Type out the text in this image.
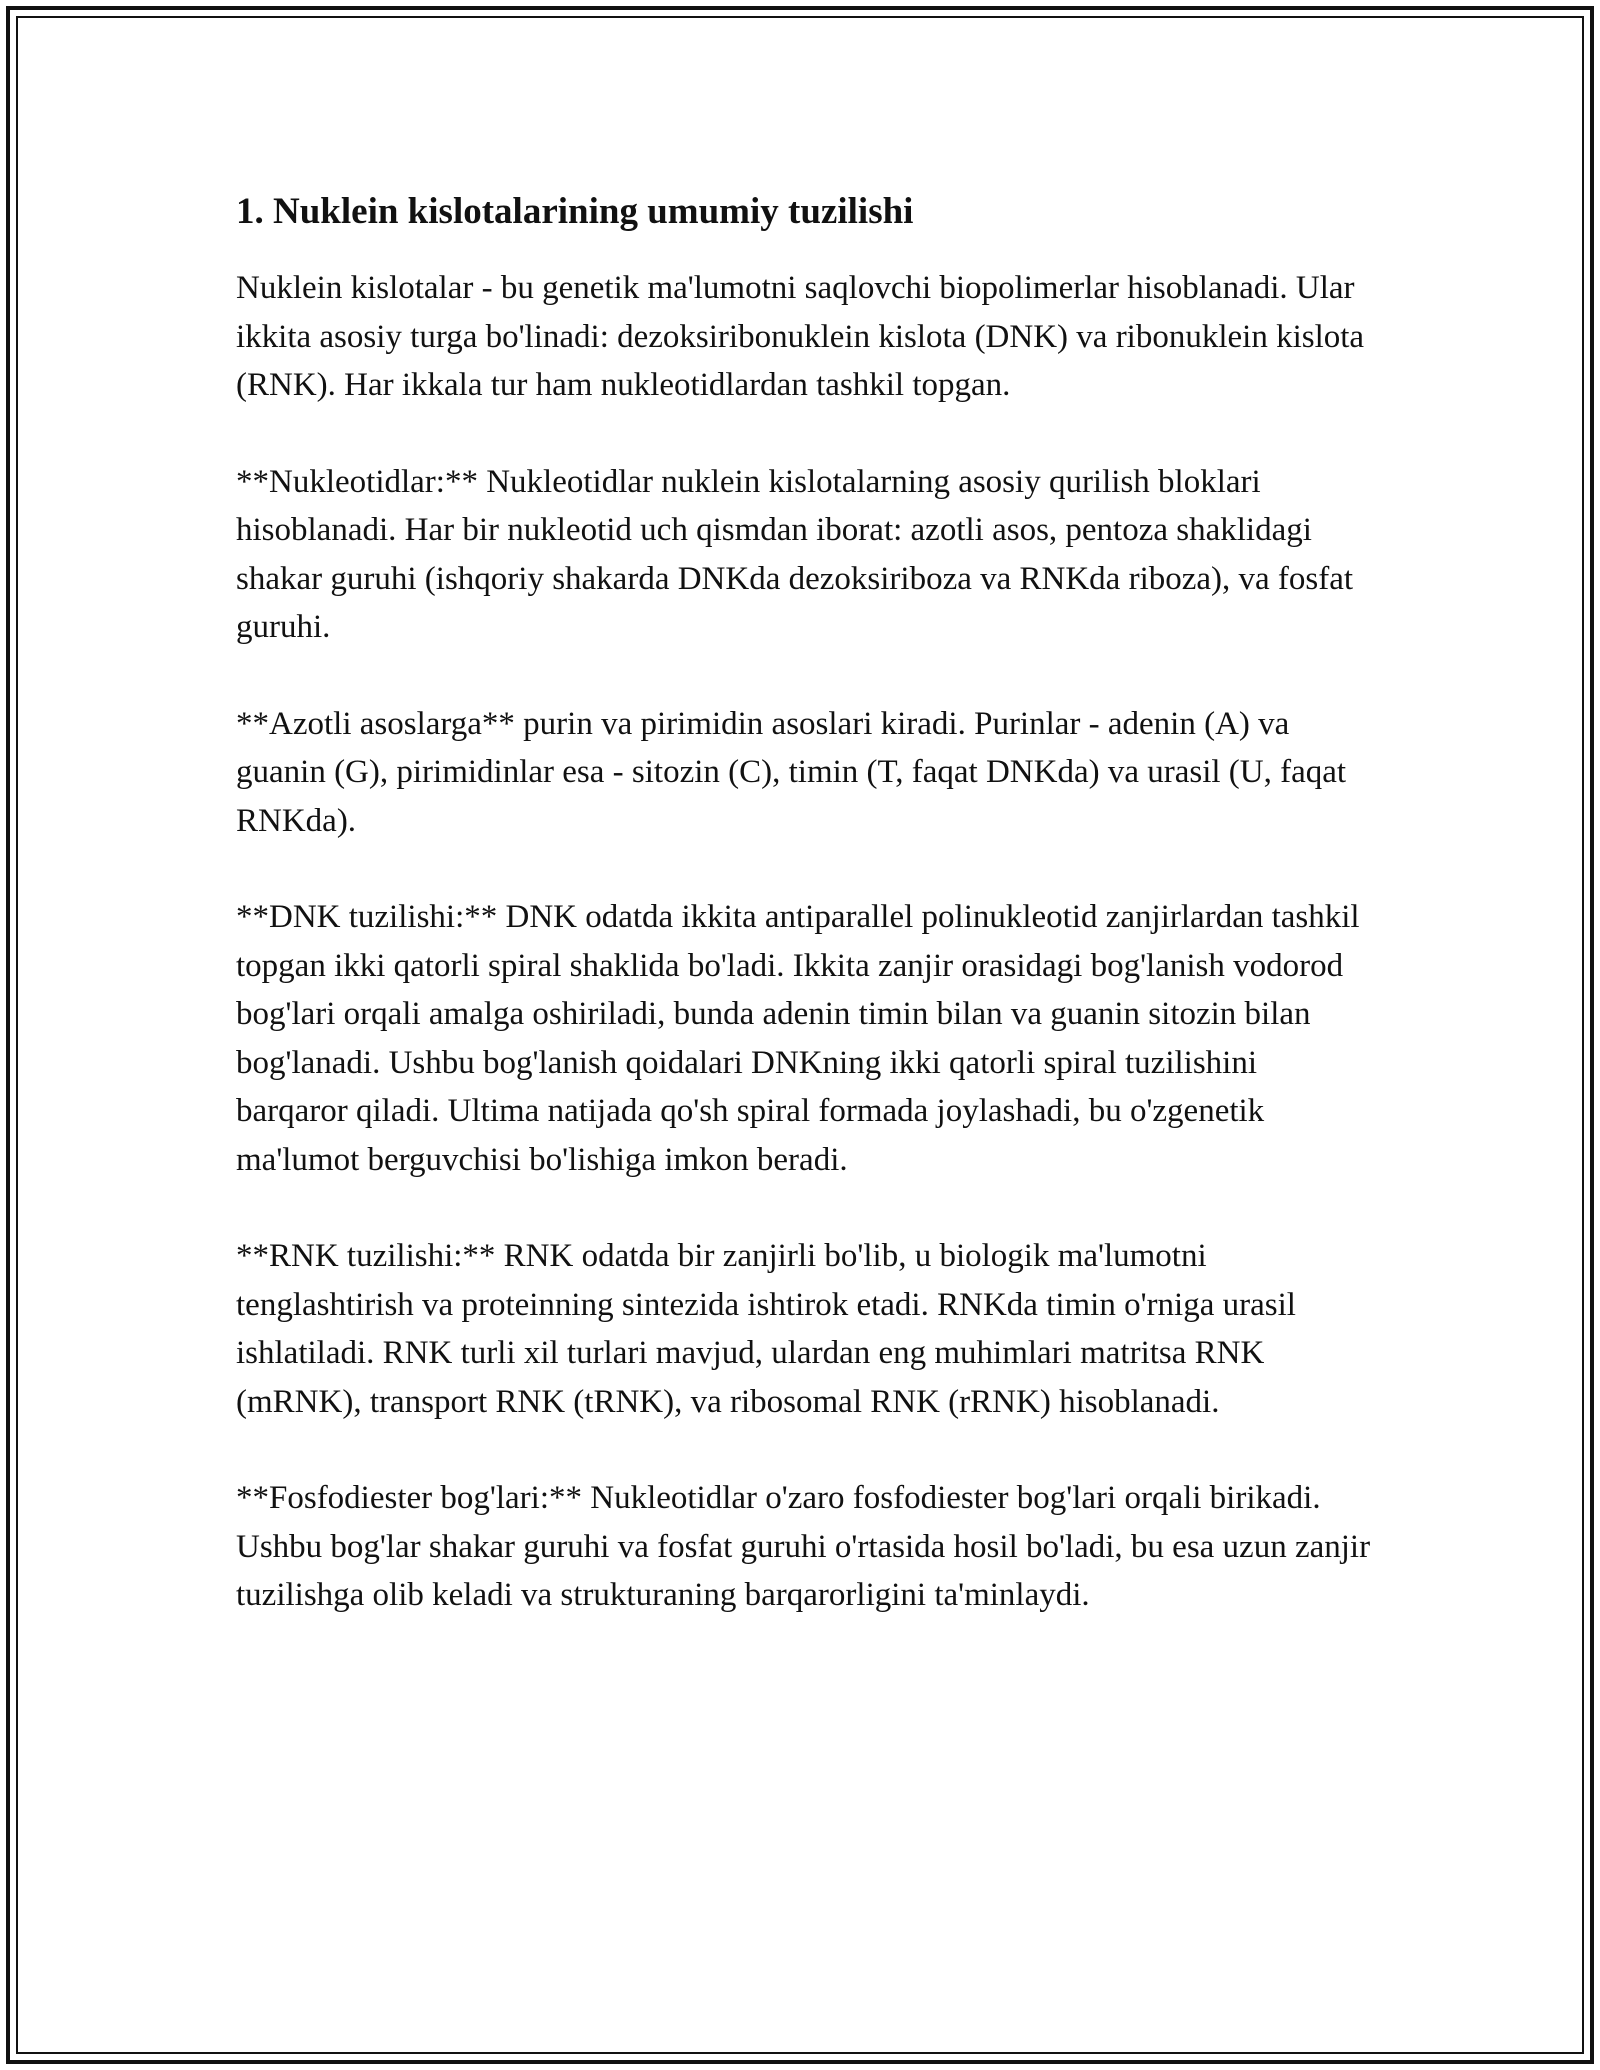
1. Nuklein kislotalarining umumiy tuzilishi

Nuklein kislotalar - bu genetik ma'lumotni saqlovchi biopolimerlar hisoblanadi. Ular ikkita asosiy turga bo'linadi: dezoksiribonuklein kislota (DNK) va ribonuklein kislota (RNK). Har ikkala tur ham nukleotidlardan tashkil topgan.

**Nukleotidlar:** Nukleotidlar nuklein kislotalarning asosiy qurilish bloklari hisoblanadi. Har bir nukleotid uch qismdan iborat: azotli asos, pentoza shaklidagi shakar guruhi (ishqoriy shakarda DNKda dezoksiriboza va RNKda riboza), va fosfat guruhi.

**Azotli asoslarga** purin va pirimidin asoslari kiradi. Purinlar - adenin (A) va guanin (G), pirimidinlar esa - sitozin (C), timin (T, faqat DNKda) va urasil (U, faqat RNKda).

**DNK tuzilishi:** DNK odatda ikkita antiparallel polinukleotid zanjirlardan tashkil topgan ikki qatorli spiral shaklida bo'ladi. Ikkita zanjir orasidagi bog'lanish vodorod bog'lari orqali amalga oshiriladi, bunda adenin timin bilan va guanin sitozin bilan bog'lanadi. Ushbu bog'lanish qoidalari DNKning ikki qatorli spiral tuzilishini barqaror qiladi. Ultima natijada qo'sh spiral formada joylashadi, bu o'zgenetik ma'lumot berguvchisi bo'lishiga imkon beradi.

**RNK tuzilishi:** RNK odatda bir zanjirli bo'lib, u biologik ma'lumotni tenglashtirish va proteinning sintezida ishtirok etadi. RNKda timin o'rniga urasil ishlatiladi. RNK turli xil turlari mavjud, ulardan eng muhimlari matritsa RNK (mRNK), transport RNK (tRNK), va ribosomal RNK (rRNK) hisoblanadi.

**Fosfodiester bog'lari:** Nukleotidlar o'zaro fosfodiester bog'lari orqali birikadi. Ushbu bog'lar shakar guruhi va fosfat guruhi o'rtasida hosil bo'ladi, bu esa uzun zanjir tuzilishga olib keladi va strukturaning barqarorligini ta'minlaydi.
